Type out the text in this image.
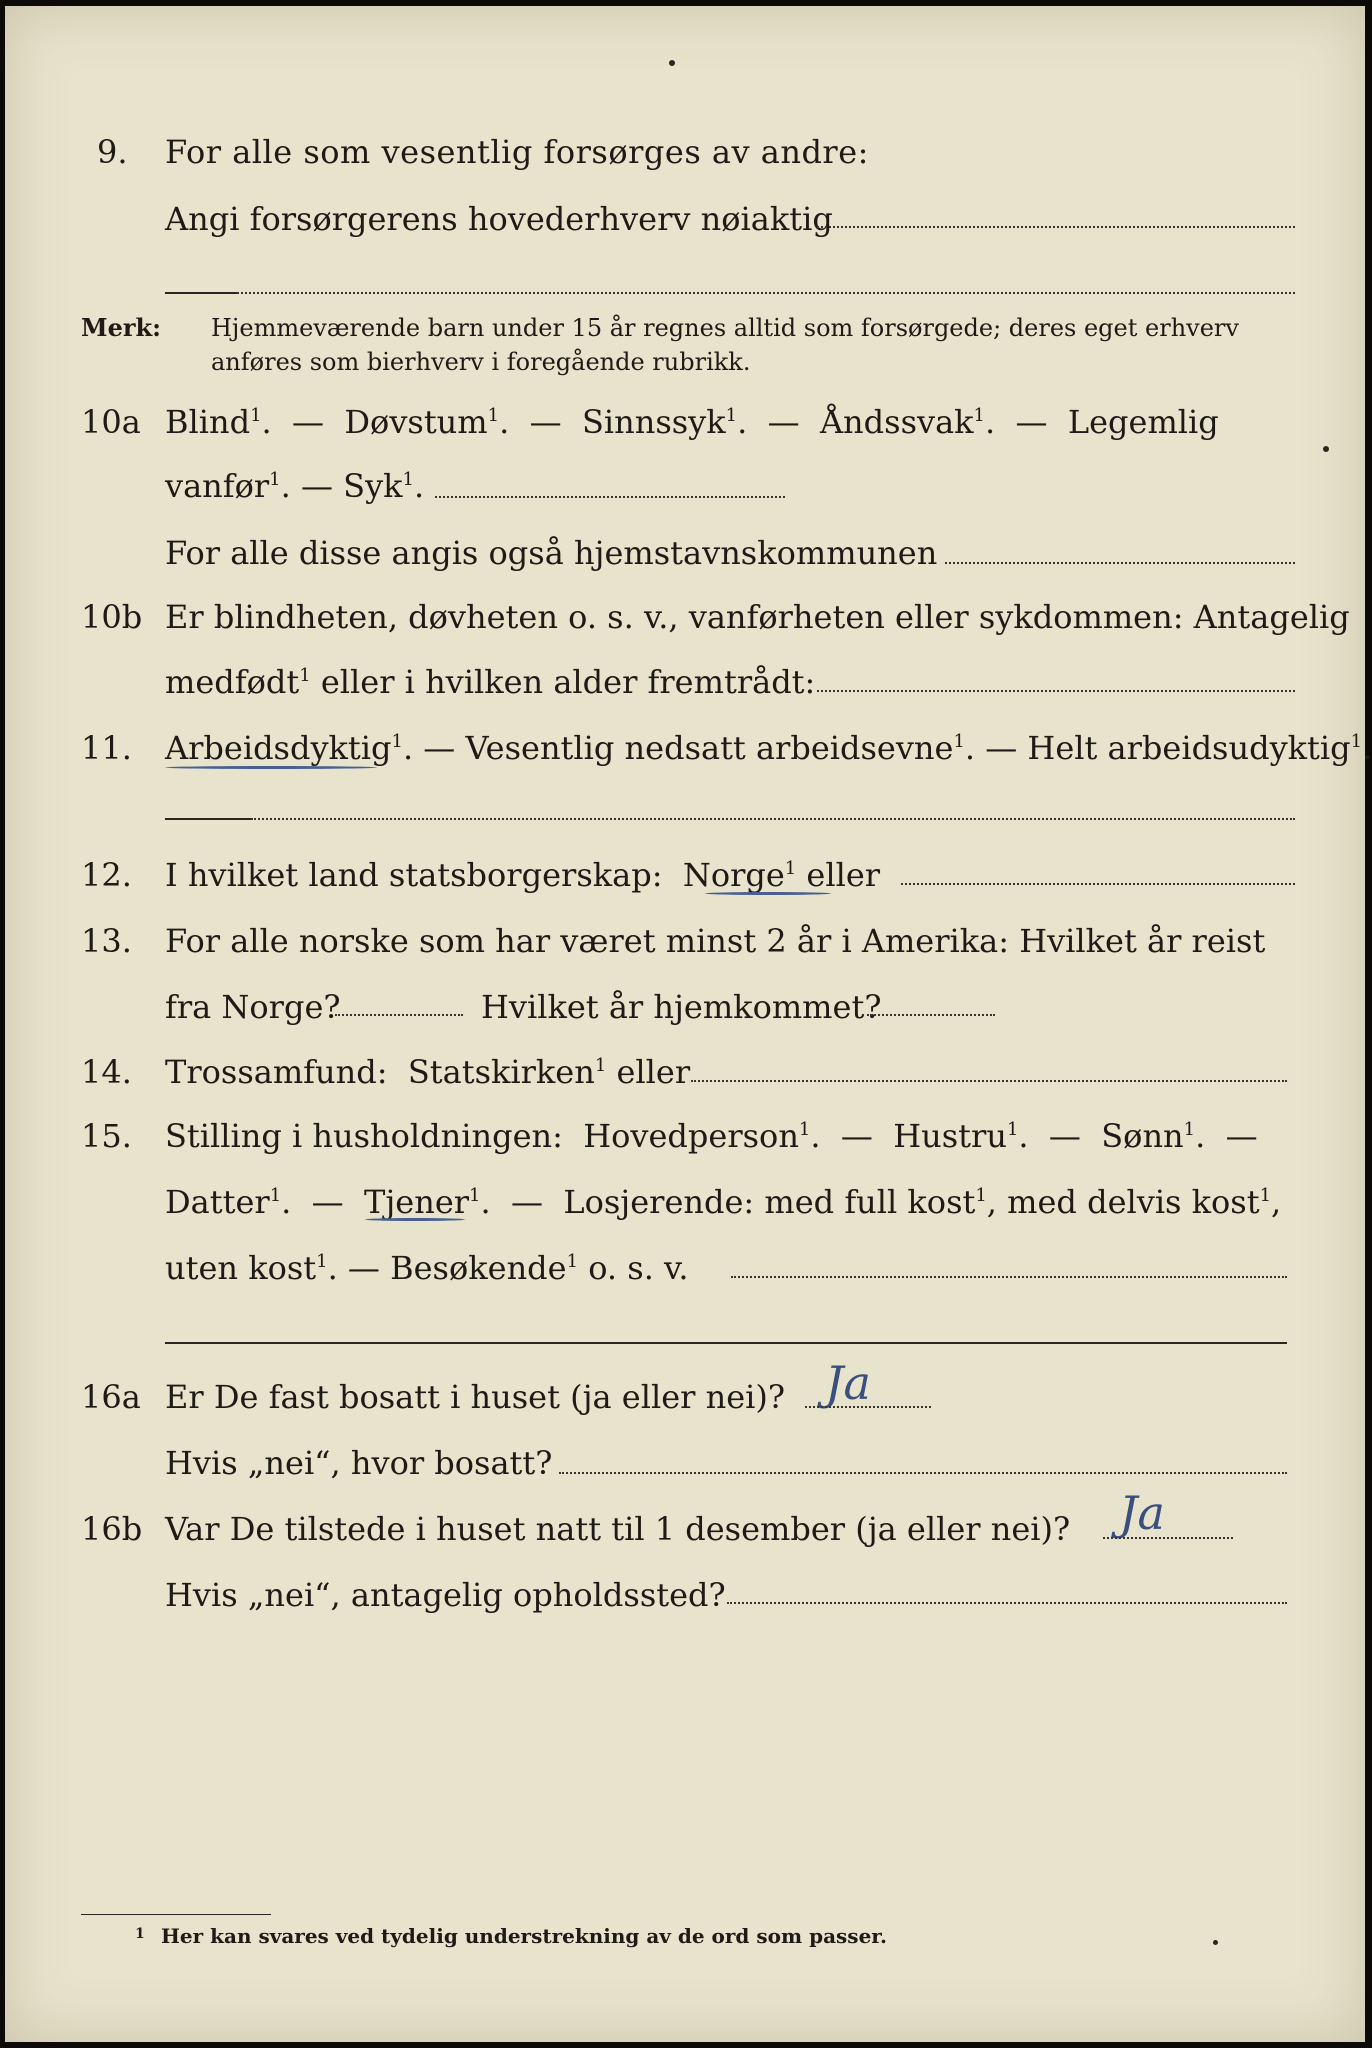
9. For alle som vesentlig forsørges av andre:
Angi forsørgerens hovederhverv nøiaktig
Merk: Hjemmeværende barn under 15 år regnes alltid som forsørgede; deres eget erhverv
anføres som bierhverv i foregående rubrikk.
10a Blind$^1$.  — Døvstum$^1$.  — Sinnssyk$^1$.  — Åndssvak$^1$.  — Legemlig
vanfør$^1$. — Syk$^1$.
For alle disse angis også hjemstavnskommunen
10b Er blindheten, døvheten o. s. v., vanførheten eller sykdommen: Antagelig
medfødt$^1$ eller i hvilken alder fremtrådt:
11. Arbeidsdyktig$^1$. — Vesentlig nedsatt arbeidsevne$^1$. — Helt arbeidsudyktig$^1$.
12. I hvilket land statsborgerskap: Norge$^1$ eller
13. For alle norske som har været minst 2 år i Amerika: Hvilket år reist
fra Norge?	Hvilket år hjemkommet?
14. Trossamfund: Statskirken$^1$ eller
15. Stilling i husholdningen: Hovedperson$^1$.  — Hustru$^1$.  — Sønn$^1$.  —
Datter$^1$.  — Tjener$^1$.  — Losjerende: med full kost$^1$, med delvis kost$^1$,
uten kost$^1$. — Besøkende$^1$ o. s. v.
16a Er De fast bosatt i huset (ja eller nei)? Ja
Hvis „nei“, hvor bosatt?
16b Var De tilstede i huset natt til 1 desember (ja eller nei)? Ja
Hvis „nei“, antagelig opholdssted?
1 Her kan svares ved tydelig understrekning av de ord som passer.
